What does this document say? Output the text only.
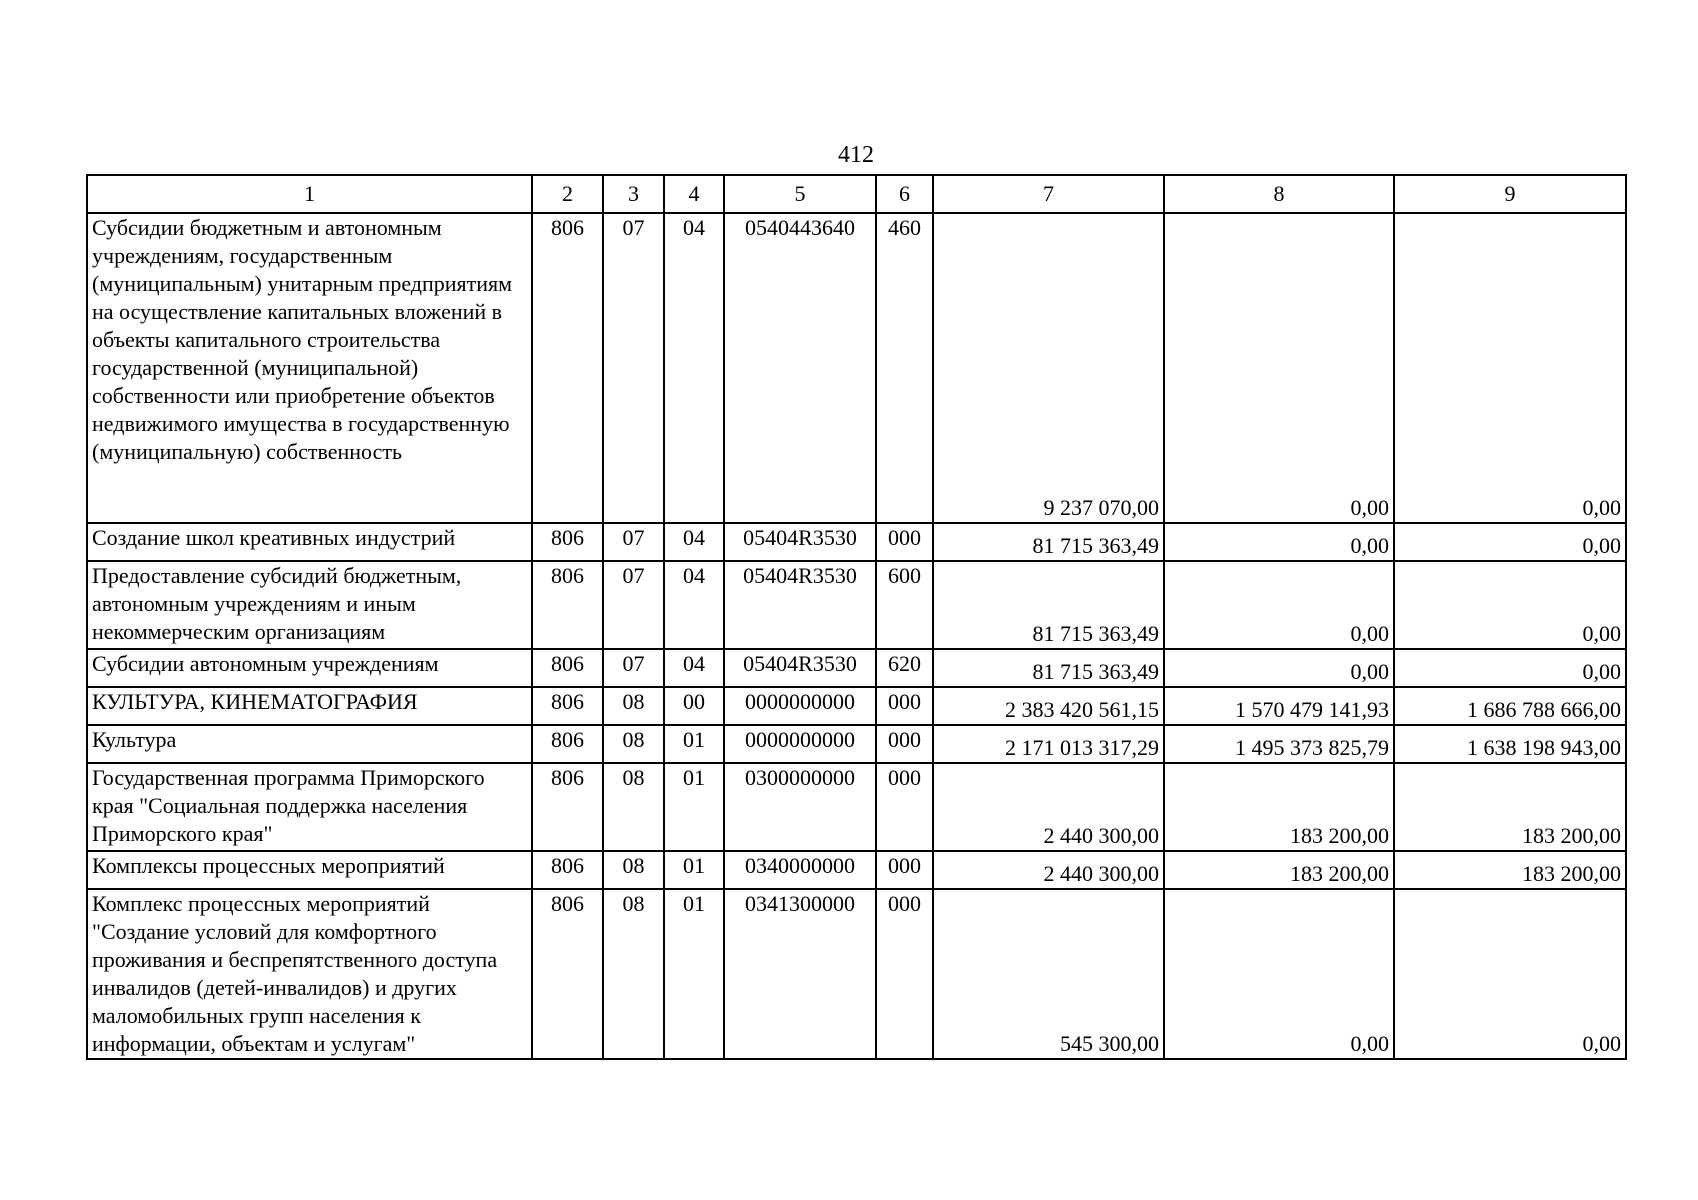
412
1	2	3	4	5	6	7	8	9
Субсидии бюджетным и автономным учреждениям, государственным (муниципальным) унитарным предприятиям на осуществление капитальных вложений в объекты капитального строительства государственной (муниципальной) собственности или приобретение объектов недвижимого имущества в государственную (муниципальную) собственность	806	07	04	0540443640	460	9 237 070,00	0,00	0,00
Создание школ креативных индустрий	806	07	04	05404R3530	000	81 715 363,49	0,00	0,00
Предоставление субсидий бюджетным, автономным учреждениям и иным некоммерческим организациям	806	07	04	05404R3530	600	81 715 363,49	0,00	0,00
Субсидии автономным учреждениям	806	07	04	05404R3530	620	81 715 363,49	0,00	0,00
КУЛЬТУРА, КИНЕМАТОГРАФИЯ	806	08	00	0000000000	000	2 383 420 561,15	1 570 479 141,93	1 686 788 666,00
Культура	806	08	01	0000000000	000	2 171 013 317,29	1 495 373 825,79	1 638 198 943,00
Государственная программа Приморского края "Социальная поддержка населения Приморского края"	806	08	01	0300000000	000	2 440 300,00	183 200,00	183 200,00
Комплексы процессных мероприятий	806	08	01	0340000000	000	2 440 300,00	183 200,00	183 200,00
Комплекс процессных мероприятий "Создание условий для комфортного проживания и беспрепятственного доступа инвалидов (детей-инвалидов) и других маломобильных групп населения к информации, объектам и услугам"	806	08	01	0341300000	000	545 300,00	0,00	0,00
